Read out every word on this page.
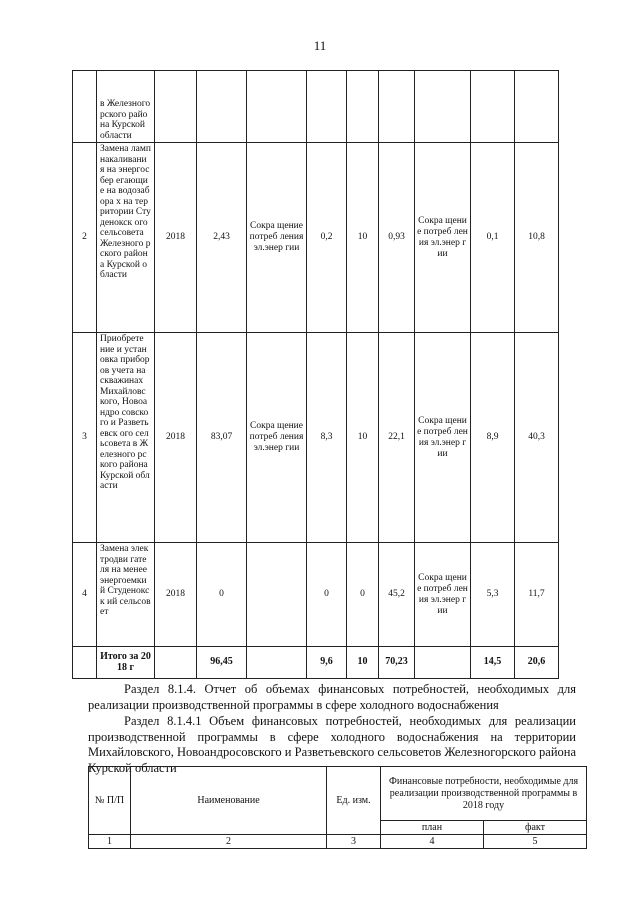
11
	в Железного рского района Курской области									
2	Замена ламп накаливани я на энергосбер егающие на водозабора х на территории Студенокск ого сельсовета Железного рского района Курской области	2018	2,43	Сокра щение потреб ления эл.энер гии	0,2	10	0,93	Сокра щение потреб ления эл.энер гии	0,1	10,8
3	Приобрете ние и установка приборов учета на скважинах Михайловс кого, Новоандро совского и Разветьевск ого сельсовета в Железного рского района Курской области	2018	83,07	Сокра щение потреб ления эл.энер гии	8,3	10	22,1	Сокра щение потреб ления эл.энер гии	8,9	40,3
4	Замена электродви гателя на менее энергоемки й Студенокск ий сельсовет	2018	0		0	0	45,2	Сокра щение потреб ления эл.энер гии	5,3	11,7
	Итого за 2018 г		96,45		9,6	10	70,23		14,5	20,6
Раздел 8.1.4. Отчет об объемах финансовых потребностей, необходимых для реализации производственной программы в сфере холодного водоснабжения
Раздел 8.1.4.1 Объем финансовых потребностей, необходимых для реализации производственной программы в сфере холодного водоснабжения на территории Михайловского, Новоандросовского и Разветьевского сельсоветов Железногорского района Курской области
№ П/П	Наименование	Ед. изм.	Финансовые потребности, необходимые для реализации производственной программы в 2018 году	
			план	факт
1	2	3	4	5
